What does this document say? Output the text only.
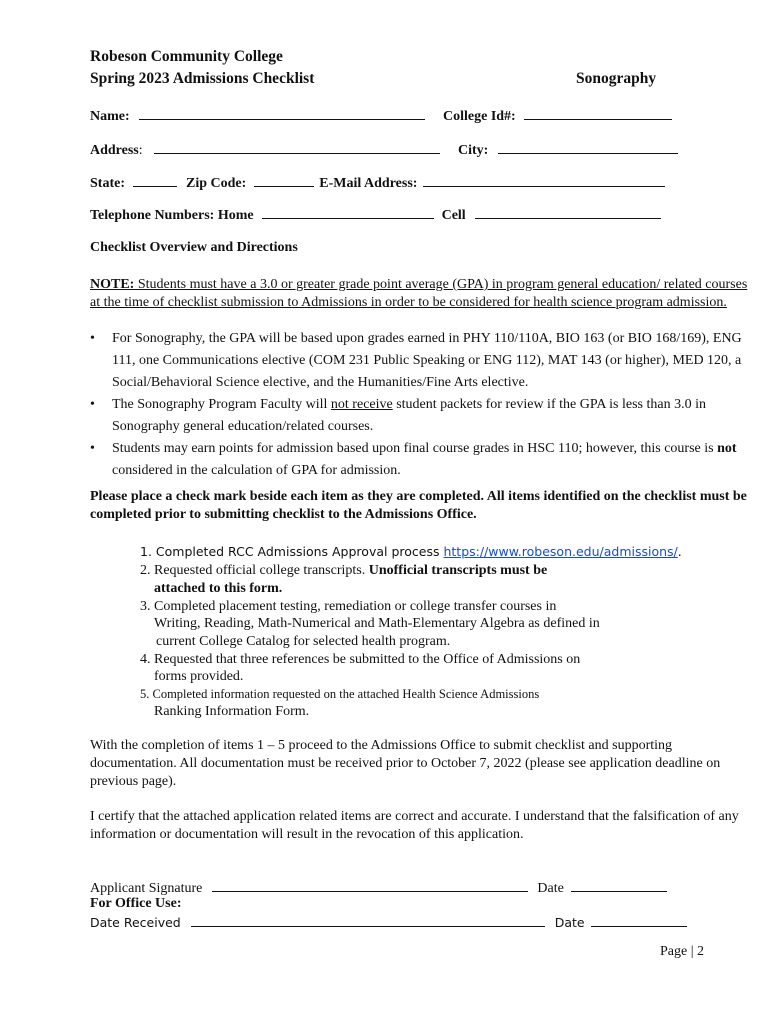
Robeson Community College
Spring 2023 Admissions Checklist	Sonography
Name:	College Id#:
Address:	City:
State:	Zip Code:	E-Mail Address:
Telephone Numbers: Home	Cell
Checklist Overview and Directions

NOTE: Students must have a 3.0 or greater grade point average (GPA) in program general education/ related courses at the time of checklist submission to Admissions in order to be considered for health science program admission.

• For Sonography, the GPA will be based upon grades earned in PHY 110/110A, BIO 163 (or BIO 168/169), ENG 111, one Communications elective (COM 231 Public Speaking or ENG 112), MAT 143 (or higher), MED 120, a Social/Behavioral Science elective, and the Humanities/Fine Arts elective.
• The Sonography Program Faculty will not receive student packets for review if the GPA is less than 3.0 in Sonography general education/related courses.
• Students may earn points for admission based upon final course grades in HSC 110; however, this course is not considered in the calculation of GPA for admission.

Please place a check mark beside each item as they are completed. All items identified on the checklist must be completed prior to submitting checklist to the Admissions Office.

1. Completed RCC Admissions Approval process https://www.robeson.edu/admissions/.
2. Requested official college transcripts. Unofficial transcripts must be
attached to this form.
3. Completed placement testing, remediation or college transfer courses in
Writing, Reading, Math-Numerical and Math-Elementary Algebra as defined in
current College Catalog for selected health program.
4. Requested that three references be submitted to the Office of Admissions on
forms provided.
5. Completed information requested on the attached Health Science Admissions
Ranking Information Form.

With the completion of items 1 – 5 proceed to the Admissions Office to submit checklist and supporting documentation. All documentation must be received prior to October 7, 2022 (please see application deadline on previous page).

I certify that the attached application related items are correct and accurate. I understand that the falsification of any information or documentation will result in the revocation of this application.

Applicant Signature	Date
For Office Use:
Date Received	Date
Page | 2
